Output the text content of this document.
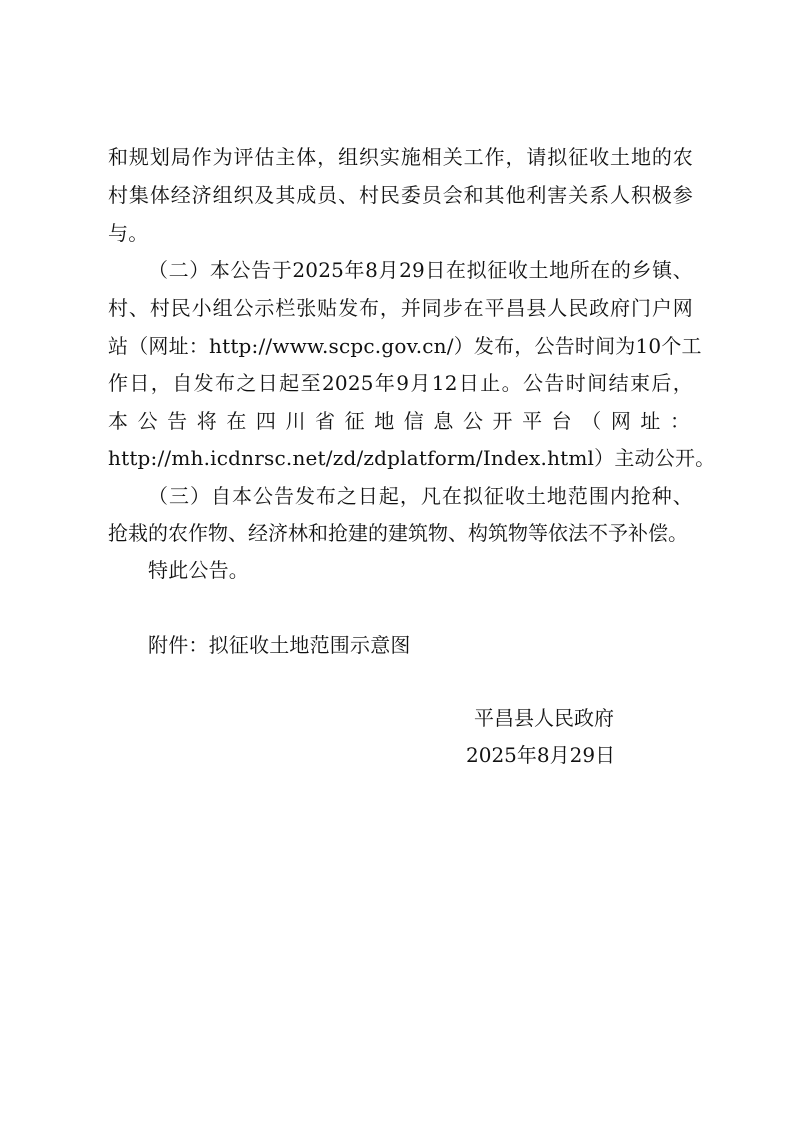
和规划局作为评估主体，组织实施相关工作，请拟征收土地的农
村集体经济组织及其成员、村民委员会和其他利害关系人积极参
与。
（二）本公告于2025年8月29日在拟征收土地所在的乡镇、
村、村民小组公示栏张贴发布，并同步在平昌县人民政府门户网
站（网址：http://www.scpc.gov.cn/）发布，公告时间为10个工
作日，自发布之日起至2025年9月12日止。公告时间结束后，
本公告将在四川省征地信息公开平台（网址：
http://mh.icdnrsc.net/zd/zdplatform/Index.html）主动公开。
（三）自本公告发布之日起，凡在拟征收土地范围内抢种、
抢栽的农作物、经济林和抢建的建筑物、构筑物等依法不予补偿。
特此公告。
附件：拟征收土地范围示意图
平昌县人民政府
2025年8月29日
